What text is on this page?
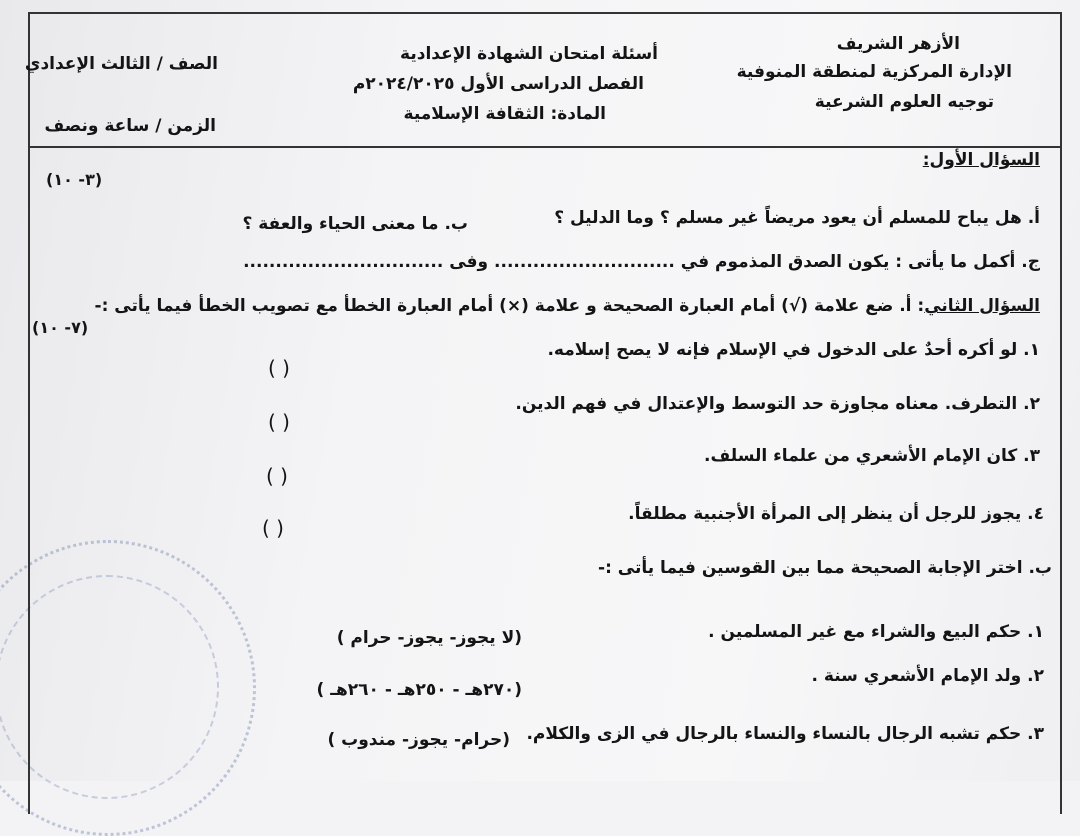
الأزهر الشريف
الإدارة المركزية لمنطقة المنوفية
توجيه العلوم الشرعية
أسئلة امتحان الشهادة الإعدادية
الفصل الدراسى الأول ٢٠٢٤/٢٠٢٥م
المادة: الثقافة الإسلامية
الصف / الثالث الإعدادي
الزمن / ساعة ونصف
السؤال الأول:
(٣- ١٠)
أ. هل يباح للمسلم أن يعود مريضاً غير مسلم ؟ وما الدليل ؟
ب. ما معنى الحياء والعفة ؟
ج. أكمل ما يأتى : يكون الصدق المذموم في ............................ وفى ...............................
السؤال الثاني: أ. ضع علامة (√) أمام العبارة الصحيحة و علامة (×) أمام العبارة الخطأ مع تصويب الخطأ فيما يأتى :-
(٧- ١٠)
١. لو أكره أحدٌ على الدخول في الإسلام فإنه لا يصح إسلامه.
( )
٢. التطرف. معناه مجاوزة حد التوسط والإعتدال في فهم الدين.
( )
٣. كان الإمام الأشعري من علماء السلف.
( )
٤. يجوز للرجل أن ينظر إلى المرأة الأجنبية مطلقاً.
( )
ب. اختر الإجابة الصحيحة مما بين القوسين فيما يأتى :-
١. حكم البيع والشراء مع غير المسلمين .
(لا يجوز- يجوز- حرام )
٢. ولد الإمام الأشعري سنة .
(٢٧٠هـ - ٢٥٠هـ - ٢٦٠هـ )
٣. حكم تشبه الرجال بالنساء والنساء بالرجال في الزى والكلام.
(حرام- يجوز- مندوب )
